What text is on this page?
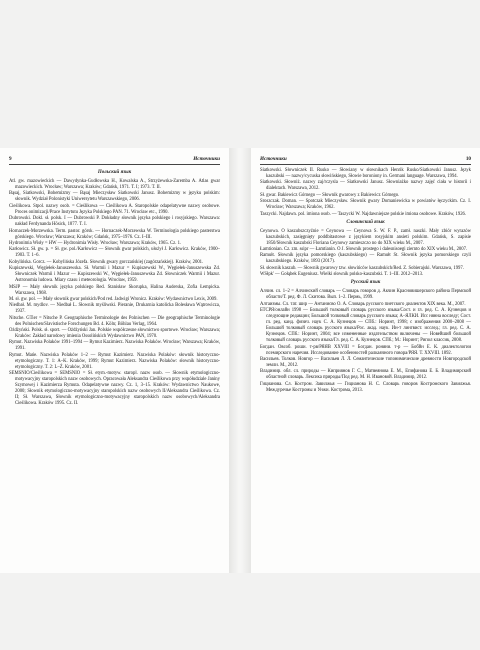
9	Источники
Польский язык

Atl. gw. mazowieckich — Dawydynka-Gudłowska H., Kowalska A., Strzyżewska-Zaremba A. Atlas gwar mazowieckich. Wrocław; Warszawa; Kraków; Gdańsk, 1971. T. I; 1973. T. II.

Bąsaj, Siatkowski, Bohemizmy — Bąsaj Mieczysław Siatkowski Janusz. Bohemizmy w języku polskim: słownik. Wydział Polonistyki Uniwersytetu Warszawskiego, 2006.

Cieślikowa. Stpol. nazwy osob. = Cieślikowa — Cieślikowa A. Staropolskie odapelatywne nazwy osobowe. Proces onimizacji/Prace Instytutu Języka Polskiego PAN. 71. Wrocław etc., 1990.

Dubrowski. Dokl. sł. polsk. I — Dubrowski P. Dokładny słownik języka polskiego i rosyjskiego. Warszawa: nakład Ferdynanda Hösick, 1877. T. I.

Hornaczek-Morzewska. Term. pastor. górsk. — Hornaczek-Morzewska W. Terminologia polskiego pasterstwa górskiego. Wrocław; Warszawa; Kraków; Gdańsk, 1975–1976. Cz. I–III.

Hydronimia Wisły = HW — Hydronimia Wisły. Wrocław; Warszawa; Kraków, 1965. Cz. 1.

Karłowicz. Sł. gw. p. = Sł. gw. pol./Karłowicz — Słownik gwar polskich, ułożył J. Karłowicz. Kraków, 1900–1903. T. 1–6.

Kobylińska. Gorcz. — Kobylińska Józefa. Słownik gwary gorczańskiej (zagórzańskiej). Kraków, 2001.

Kupiszewski, Węgiełek-Januszewska. Sł. Warmii i Mazur = Kupiszewski W., Węgiełek-Januszewska Zd. Słowniczek Warmii i Mazur — Kupiszewski W., Węgiełek-Januszewska Zd. Słowniczek Warmii i Mazur. Astronomia ludowa. Miary czasu i meteorologia. Wrocław, 1959.

MSJP — Mały słownik języka polskiego Red. Stanisław Skorupka, Halina Auderska, Zofia Łempicka. Warszawa, 1968.

M. sł. gw. pol. — Mały słownik gwar polskich/Pod red. Jadwigi Wronicz. Kraków: Wydawnictwo Lexis, 2009.

Niedbał. M. mydlov. — Niedbał L. Słownik myśliwski. Pieranie, Drukarnia katolicka Bolesława Wątrowicza, 1937.

Nitsche. GTier = Nitsche P. Geographische Terminologie des Polnischen — Die geographische Terminologie des Polnischen/Slavistische Forschungen Bd. 4. Köln; Böhlau Verlag, 1964.

Ożdżyński. Polsk. sł. sport. — Ożdżyński Jan. Polskie współczesne słownictwo sportowe. Wrocław; Warszawa; Kraków: Zakład narodowy imienia Ossolińskich Wydawnictwo PAN, 1970.

Rymut. Nazwiska Polaków 1991–1994 — Rymut Kazimierz. Nazwiska Polaków. Wrocław; Warszawa; Kraków, 1991.

Rymut. Mańe. Nazwiska Polaków 1–2 — Rymut Kazimierz. Nazwiska Polaków: słownik historyczno-etymologiczny. T. 1: A–K. Kraków, 1999; Rymut Kazimierz. Nazwiska Polaków: słownik historyczno-etymologiczny. T. 2: L–Ż. Kraków, 2001.

SEMSNIO/Cieślikowa = SEMSNIO = Sł. etym.-motyw. staropl. nazw osob. — Słownik etymologiczno-motywacyjny staropolskich nazw osobowych. Opracowała Aleksandra Cieślikowa przy współudziale Janiny Szymowej i Kazimierza Rymuta. Odapelatywne nazwy. Cz. 1, 3–15. Kraków: Wydawnictwo Naukowe, 2000; Słownik etymologiczno-motywacyjny staropolskich nazw osobowych II/Aleksandra Cieślikowa. Cz. II; Sł. Warszawa, Słownik etymologiczno-motywacyjny staropolskich nazw osobowych/Aleksandra Cieślikowa. Kraków 1995. Cz. II.

Источники	10

Siatkowski. Słowniczek II. Rusko — Słowiany w słownikach Henrik Rusko/Siatkowski Janusz. Język kaszubski — nazwy/cycuska słowińskiego, Słowie boroniony in. Germani language. Warszawa, 1994.

Siatkowski. Słowniż. nazwy zaj/rczysla — Siatkowski Janusz. Słowniażko nazwy zajęć ciała w historii i dialektach. Warszawa, 2012.

Sł. gwar. Bakiewicz Górnego — Słownik gwarowy z Bakiewicz Górnego.

Sroszczak. Doman. — Spotczak Mieczysław. Słownik gwary Domaniewicka w powiatów łęczyckim. Cz. I. Wrocław; Warszawa; Kraków, 1962.

Taszycki. Najdawn. pol. imiona osob. — Taszycki W. Najdawniejsze polskie imiona osobowe. Kraków, 1926.

Словинский язык

Ceynowa. O kaszubszczyźnie = Ceynowa — Ceynowa S. W. F. P., zamł. naszki. Mały zbiór wyrazów kaszubskich, zasięgnięty poddbitastowe z językiem rosyjskim ansieti polskim. Gdańsk, S. zapisie 1850/Słownik kaszubski Floriana Ceynowy zamieszczo no do XIX wieku M., 2007.

Łamtionian. Cz. zm. ssipr — Łamtianin. O J. Słownik prostego i dalesnisoegi ziernto do XIX wieku M., 2007.

Ramułt. Słownik języka pomorskiego (kaszubskiego) — Ramułt St. Słownik języka pomorskiego czyli kaszubskiego. Kraków, 1893 (2017).

Sł. słownik kaszub. — Słownik gwarowy tzw. słowińców kaszubskich/Red. Z. Sobierajski. Warszawa, 1997.

WSłpk' — Gołąbek Eugeniusz. Wielki słownik polsko-kaszubski. T. 1–III. 2012–2013.

Русский язык

Алчин. сл. 1–2 = Алчинский словарь — Словарь говоров д. Акчин Красновишерского района Пермской области/Т. ред. Ф. Л. Скитова. Вып. 1–2. Пермь, 1999.

Алтаизмы. Сл. тат. шир — Антанисво О. А. Словарь русского пиетского диалектов ХIХ века. М., 2007.

БТСРЯ/онлайн 1998 — Большой толковый словарь русского языка/Сост. и гл. ред. С. А. Кузнецов и следующие редакции; Большой толковый словарь русского языка; А–ЯЛКИ. Исс нянна воследу; Сост. гл. ред. канд. физич. наук С. А. Кузнецов — СПб.: Норинт, 1998; с изображения 2000–2008 — Большой толковый словарь русского языка/Рос. акад. наук. Ин-т лингвист. исслед.; гл. ред. С. А. Кузнецов. СПб.: Норинт, 2004; все измененные издательством включены — Новейший большой толковый словарь русского языка/Гл. ред. С. А. Кузнецов. СПб.; М.: Норинт; Рипол классик, 2008.

Богдан. Овсоб. роши. т-рв/РЯЯВ XXVIII = Богдан. роняни. т-р — Бобйн Е. К. диалектологии псемирского наречия. Исследование особенностей ралкаячного говора/РЯЯ. Т. XXVIII. 1892.

Васильев. Толков. Новгор — Васильев Л. Л. Семантические топонимические древности Новгородской земли. М., 2012.

Владимир. обл. сл. природы — Киприянов Г. С., Матвеянова Е. М., Епифанова Е. Б. Владимирский областной словарь. Лексика природы/Под ред. М. Н. Ивановой. Владимир, 2012.

Гицианова. Сл. Костром. Завилжья — Гицианова Н. С. Словарь говоров Костромского Завилжья. Междуречье Костромы и Унжи. Кострома, 2013.
